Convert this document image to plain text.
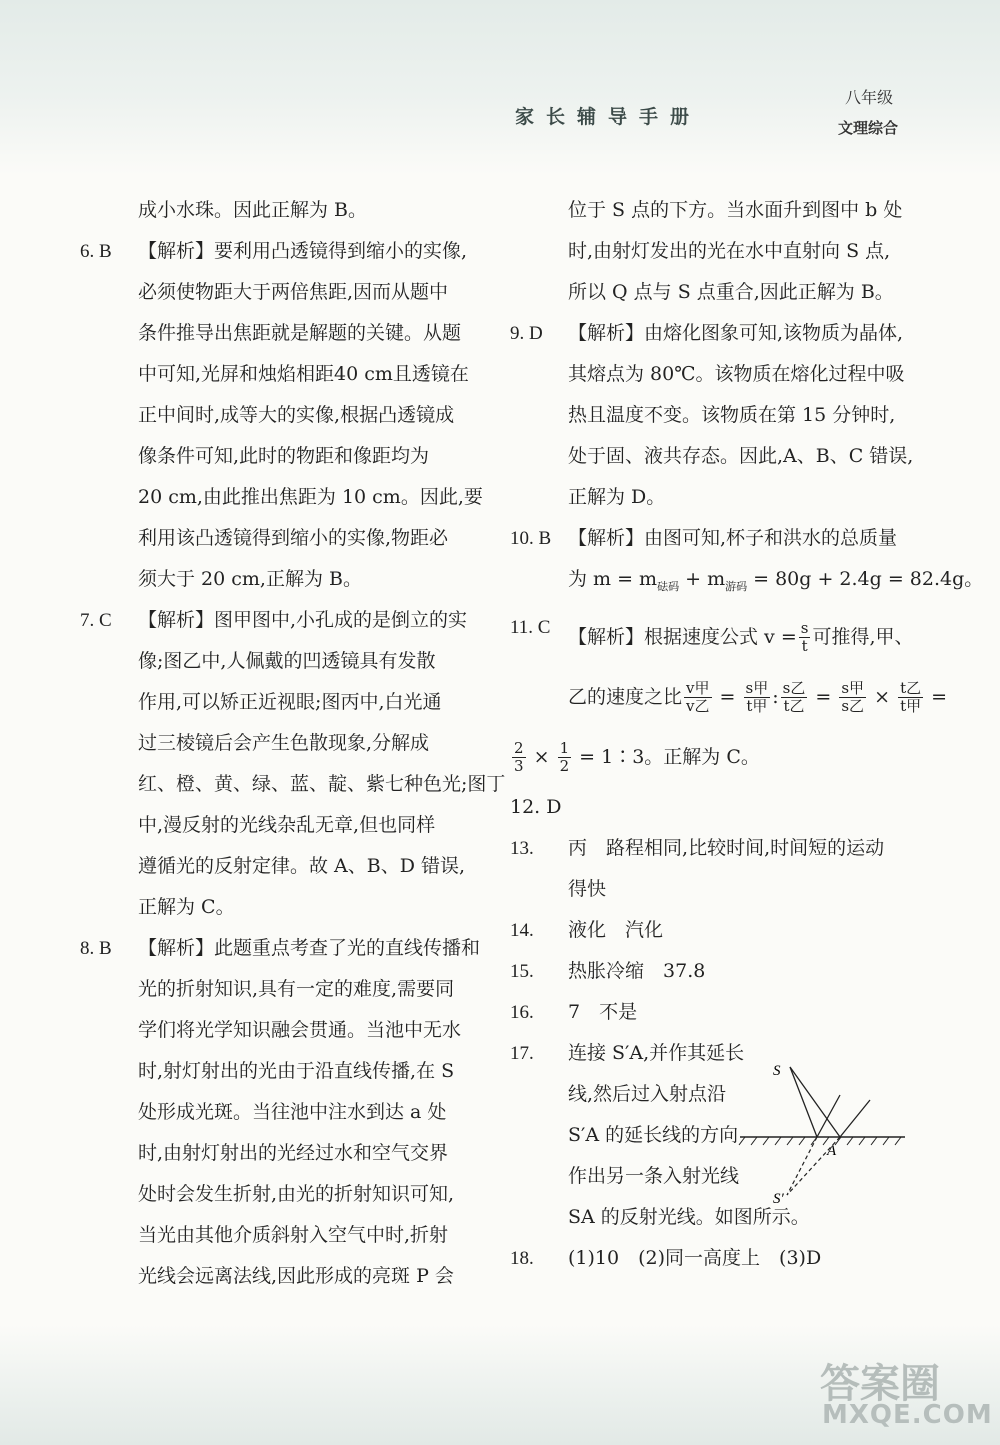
家长辅导手册
八年级
文理综合
成小水珠。因此正解为 B。
6. B	【解析】要利用凸透镜得到缩小的实像,
必须使物距大于两倍焦距,因而从题中
条件推导出焦距就是解题的关键。从题
中可知,光屏和烛焰相距40 cm且透镜在
正中间时,成等大的实像,根据凸透镜成
像条件可知,此时的物距和像距均为
20 cm,由此推出焦距为 10 cm。因此,要
利用该凸透镜得到缩小的实像,物距必
须大于 20 cm,正解为 B。
7. C	【解析】图甲图中,小孔成的是倒立的实
像;图乙中,人佩戴的凹透镜具有发散
作用,可以矫正近视眼;图丙中,白光通
过三棱镜后会产生色散现象,分解成
红、橙、黄、绿、蓝、靛、紫七种色光;图丁
中,漫反射的光线杂乱无章,但也同样
遵循光的反射定律。故 A、B、D 错误,
正解为 C。
8. B	【解析】此题重点考查了光的直线传播和
光的折射知识,具有一定的难度,需要同
学们将光学知识融会贯通。当池中无水
时,射灯射出的光由于沿直线传播,在 S
处形成光斑。当往池中注水到达 a 处
时,由射灯射出的光经过水和空气交界
处时会发生折射,由光的折射知识可知,
当光由其他介质斜射入空气中时,折射
光线会远离法线,因此形成的亮斑 P 会
位于 S 点的下方。当水面升到图中 b 处
时,由射灯发出的光在水中直射向 S 点,
所以 Q 点与 S 点重合,因此正解为 B。
9. D	【解析】由熔化图象可知,该物质为晶体,
其熔点为 80℃。该物质在熔化过程中吸
热且温度不变。该物质在第 15 分钟时,
处于固、液共存态。因此,A、B、C 错误,
正解为 D。
10. B 【解析】由图可知,杯子和洪水的总质量
为 $m = m_{砝码} + m_{游码} = 80g + 2.4g = 82.4g$。
11. C 【解析】根据速度公式 $v = \frac{s}{t}$ 可推得,甲、
乙的速度之比 $\frac{\text{v甲}}{\text{v乙}} = \frac{\text{s甲}}{\text{t甲}}$ : $\frac{\text{s乙}}{\text{t乙}} = \frac{\text{s甲}}{\text{s乙}} \times \frac{\text{t乙}}{\text{t甲}}$ =
$\frac{2}{3} \times \frac{1}{2}$ = 1∶3。正解为 C。
12. D
13.	丙　 路程相同,比较时间,时间短的运动
得快
14.	液化　 汽化
15.	热胀冷缩　 37.8
16.	7　 不是
17.	连接 S′A,并作其延长
线,然后过入射点沿
S′A 的延长线的方向
作出另一条入射光线
SA 的反射光线。如图所示。
18.	(1)10　 (2)同一高度上　 (3)D
S
A
S′
答案圈
MXQE.COM
